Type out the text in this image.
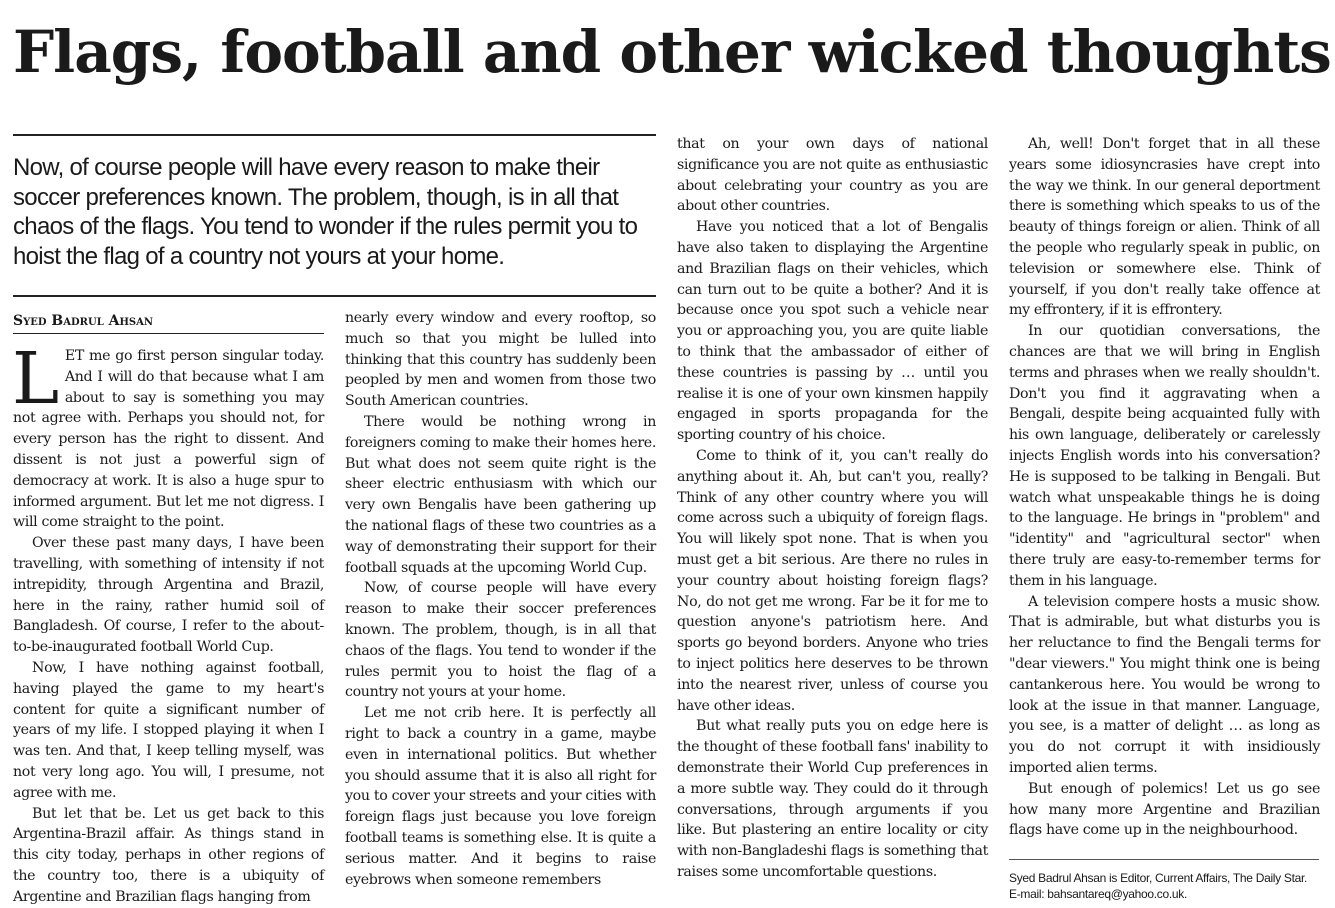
Flags, football and other wicked thoughts

Now, of course people will have every reason to make their soccer preferences known. The problem, though, is in all that chaos of the flags. You tend to wonder if the rules permit you to hoist the flag of a country not yours at your home.

Syed Badrul Ahsan

LET me go first person singular today. And I will do that because what I am about to say is something you may not agree with. Perhaps you should not, for every person has the right to dissent. And dissent is not just a powerful sign of democracy at work. It is also a huge spur to informed argument. But let me not digress. I will come straight to the point.

Over these past many days, I have been travelling, with something of intensity if not intrepidity, through Argentina and Brazil, here in the rainy, rather humid soil of Bangladesh. Of course, I refer to the about-to-be-inaugurated football World Cup.

Now, I have nothing against football, having played the game to my heart's content for quite a significant number of years of my life. I stopped playing it when I was ten. And that, I keep telling myself, was not very long ago. You will, I presume, not agree with me.

But let that be. Let us get back to this Argentina-Brazil affair. As things stand in this city today, perhaps in other regions of the country too, there is a ubiquity of Argentine and Brazilian flags hanging from

nearly every window and every rooftop, so much so that you might be lulled into thinking that this country has suddenly been peopled by men and women from those two South American countries.

There would be nothing wrong in foreigners coming to make their homes here. But what does not seem quite right is the sheer electric enthusiasm with which our very own Bengalis have been gathering up the national flags of these two countries as a way of demonstrating their support for their football squads at the upcoming World Cup.

Now, of course people will have every reason to make their soccer preferences known. The problem, though, is in all that chaos of the flags. You tend to wonder if the rules permit you to hoist the flag of a country not yours at your home.

Let me not crib here. It is perfectly all right to back a country in a game, maybe even in international politics. But whether you should assume that it is also all right for you to cover your streets and your cities with foreign flags just because you love foreign football teams is something else. It is quite a serious matter. And it begins to raise eyebrows when someone remembers

that on your own days of national significance you are not quite as enthusiastic about celebrating your country as you are about other countries.

Have you noticed that a lot of Bengalis have also taken to displaying the Argentine and Brazilian flags on their vehicles, which can turn out to be quite a bother? And it is because once you spot such a vehicle near you or approaching you, you are quite liable to think that the ambassador of either of these countries is passing by … until you realise it is one of your own kinsmen happily engaged in sports propaganda for the sporting country of his choice.

Come to think of it, you can't really do anything about it. Ah, but can't you, really? Think of any other country where you will come across such a ubiquity of foreign flags. You will likely spot none. That is when you must get a bit serious. Are there no rules in your country about hoisting foreign flags? No, do not get me wrong. Far be it for me to question anyone's patriotism here. And sports go beyond borders. Anyone who tries to inject politics here deserves to be thrown into the nearest river, unless of course you have other ideas.

But what really puts you on edge here is the thought of these football fans' inability to demonstrate their World Cup preferences in a more subtle way. They could do it through conversations, through arguments if you like. But plastering an entire locality or city with non-Bangladeshi flags is something that raises some uncomfortable questions.

Ah, well! Don't forget that in all these years some idiosyncrasies have crept into the way we think. In our general deportment there is something which speaks to us of the beauty of things foreign or alien. Think of all the people who regularly speak in public, on television or somewhere else. Think of yourself, if you don't really take offence at my effrontery, if it is effrontery.

In our quotidian conversations, the chances are that we will bring in English terms and phrases when we really shouldn't. Don't you find it aggravating when a Bengali, despite being acquainted fully with his own language, deliberately or carelessly injects English words into his conversation? He is supposed to be talking in Bengali. But watch what unspeakable things he is doing to the language. He brings in "problem" and "identity" and "agricultural sector" when there truly are easy-to-remember terms for them in his language.

A television compere hosts a music show. That is admirable, but what disturbs you is her reluctance to find the Bengali terms for "dear viewers." You might think one is being cantankerous here. You would be wrong to look at the issue in that manner. Language, you see, is a matter of delight … as long as you do not corrupt it with insidiously imported alien terms.

But enough of polemics! Let us go see how many more Argentine and Brazilian flags have come up in the neighbourhood.

Syed Badrul Ahsan is Editor, Current Affairs, The Daily Star.
E-mail: bahsantareq@yahoo.co.uk.
